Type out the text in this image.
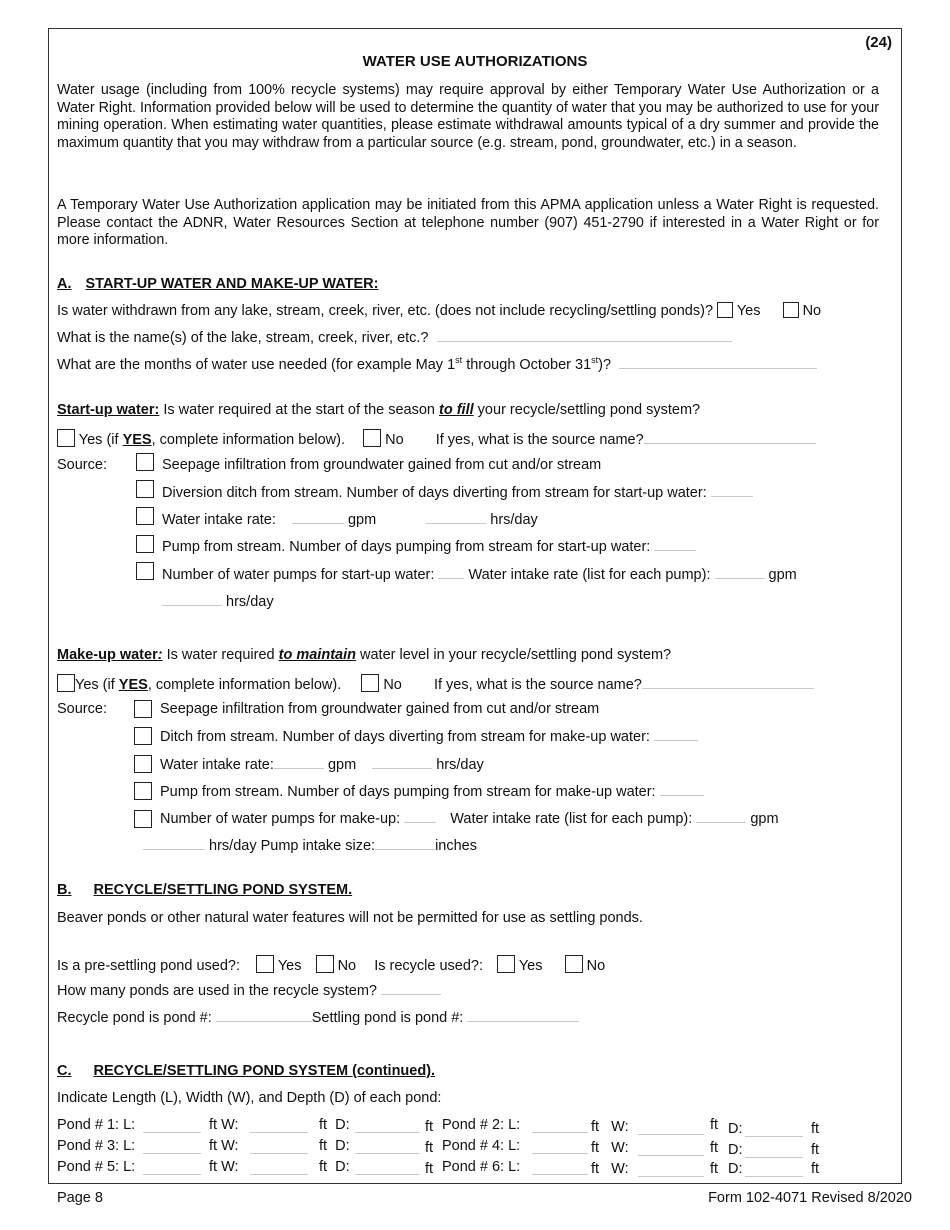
(24)
WATER USE AUTHORIZATIONS
Water usage (including from 100% recycle systems) may require approval by either Temporary Water Use Authorization or a Water Right. Information provided below will be used to determine the quantity of water that you may be authorized to use for your mining operation. When estimating water quantities, please estimate withdrawal amounts typical of a dry summer and provide the maximum quantity that you may withdraw from a particular source (e.g. stream, pond, groundwater, etc.) in a season.
A Temporary Water Use Authorization application may be initiated from this APMA application unless a Water Right is requested. Please contact the ADNR, Water Resources Section at telephone number (907) 451-2790 if interested in a Water Right or for more information.
A. START-UP WATER AND MAKE-UP WATER:
Is water withdrawn from any lake, stream, creek, river, etc. (does not include recycling/settling ponds)? Yes	No
What is the name(s) of the lake, stream, creek, river, etc.?
What are the months of water use needed (for example May 1st through October 31st)?
Start-up water: Is water required at the start of the season to fill your recycle/settling pond system?
Yes (if YES, complete information below).	No If yes, what is the source name?
Source:	Seepage infiltration from groundwater gained from cut and/or stream
Diversion ditch from stream. Number of days diverting from stream for start-up water:
Water intake rate:	gpm	hrs/day
Pump from stream. Number of days pumping from stream for start-up water:
Number of water pumps for start-up water: Water intake rate (list for each pump):	gpm
hrs/day
Make-up water: Is water required to maintain water level in your recycle/settling pond system?
Yes (if YES, complete information below).	No If yes, what is the source name?
Source:	Seepage infiltration from groundwater gained from cut and/or stream
Ditch from stream. Number of days diverting from stream for make-up water:
Water intake rate:	gpm	hrs/day
Pump from stream. Number of days pumping from stream for make-up water:
Number of water pumps for make-up:	Water intake rate (list for each pump):	gpm
hrs/day Pump intake size:	inches
B. RECYCLE/SETTLING POND SYSTEM.
Beaver ponds or other natural water features will not be permitted for use as settling ponds.
Is a pre-settling pond used?:	Yes No Is recycle used?: Yes	No
How many ponds are used in the recycle system?
Recycle pond is pond #:	Settling pond is pond #:
C. RECYCLE/SETTLING POND SYSTEM (continued).
Indicate Length (L), Width (W), and Depth (D) of each pond:
Pond # 1: L:	ft W:	ft D:	ft Pond # 2: L:	ft W:	ft D:	ft
Pond # 3: L:	ft W:	ft D:	ft Pond # 4: L:	ft W:	ft D:	ft
Pond # 5: L:	ft W:	ft D:	ft Pond # 6: L:	ft W:	ft D:	ft
Page 8	Form 102-4071 Revised 8/2020
